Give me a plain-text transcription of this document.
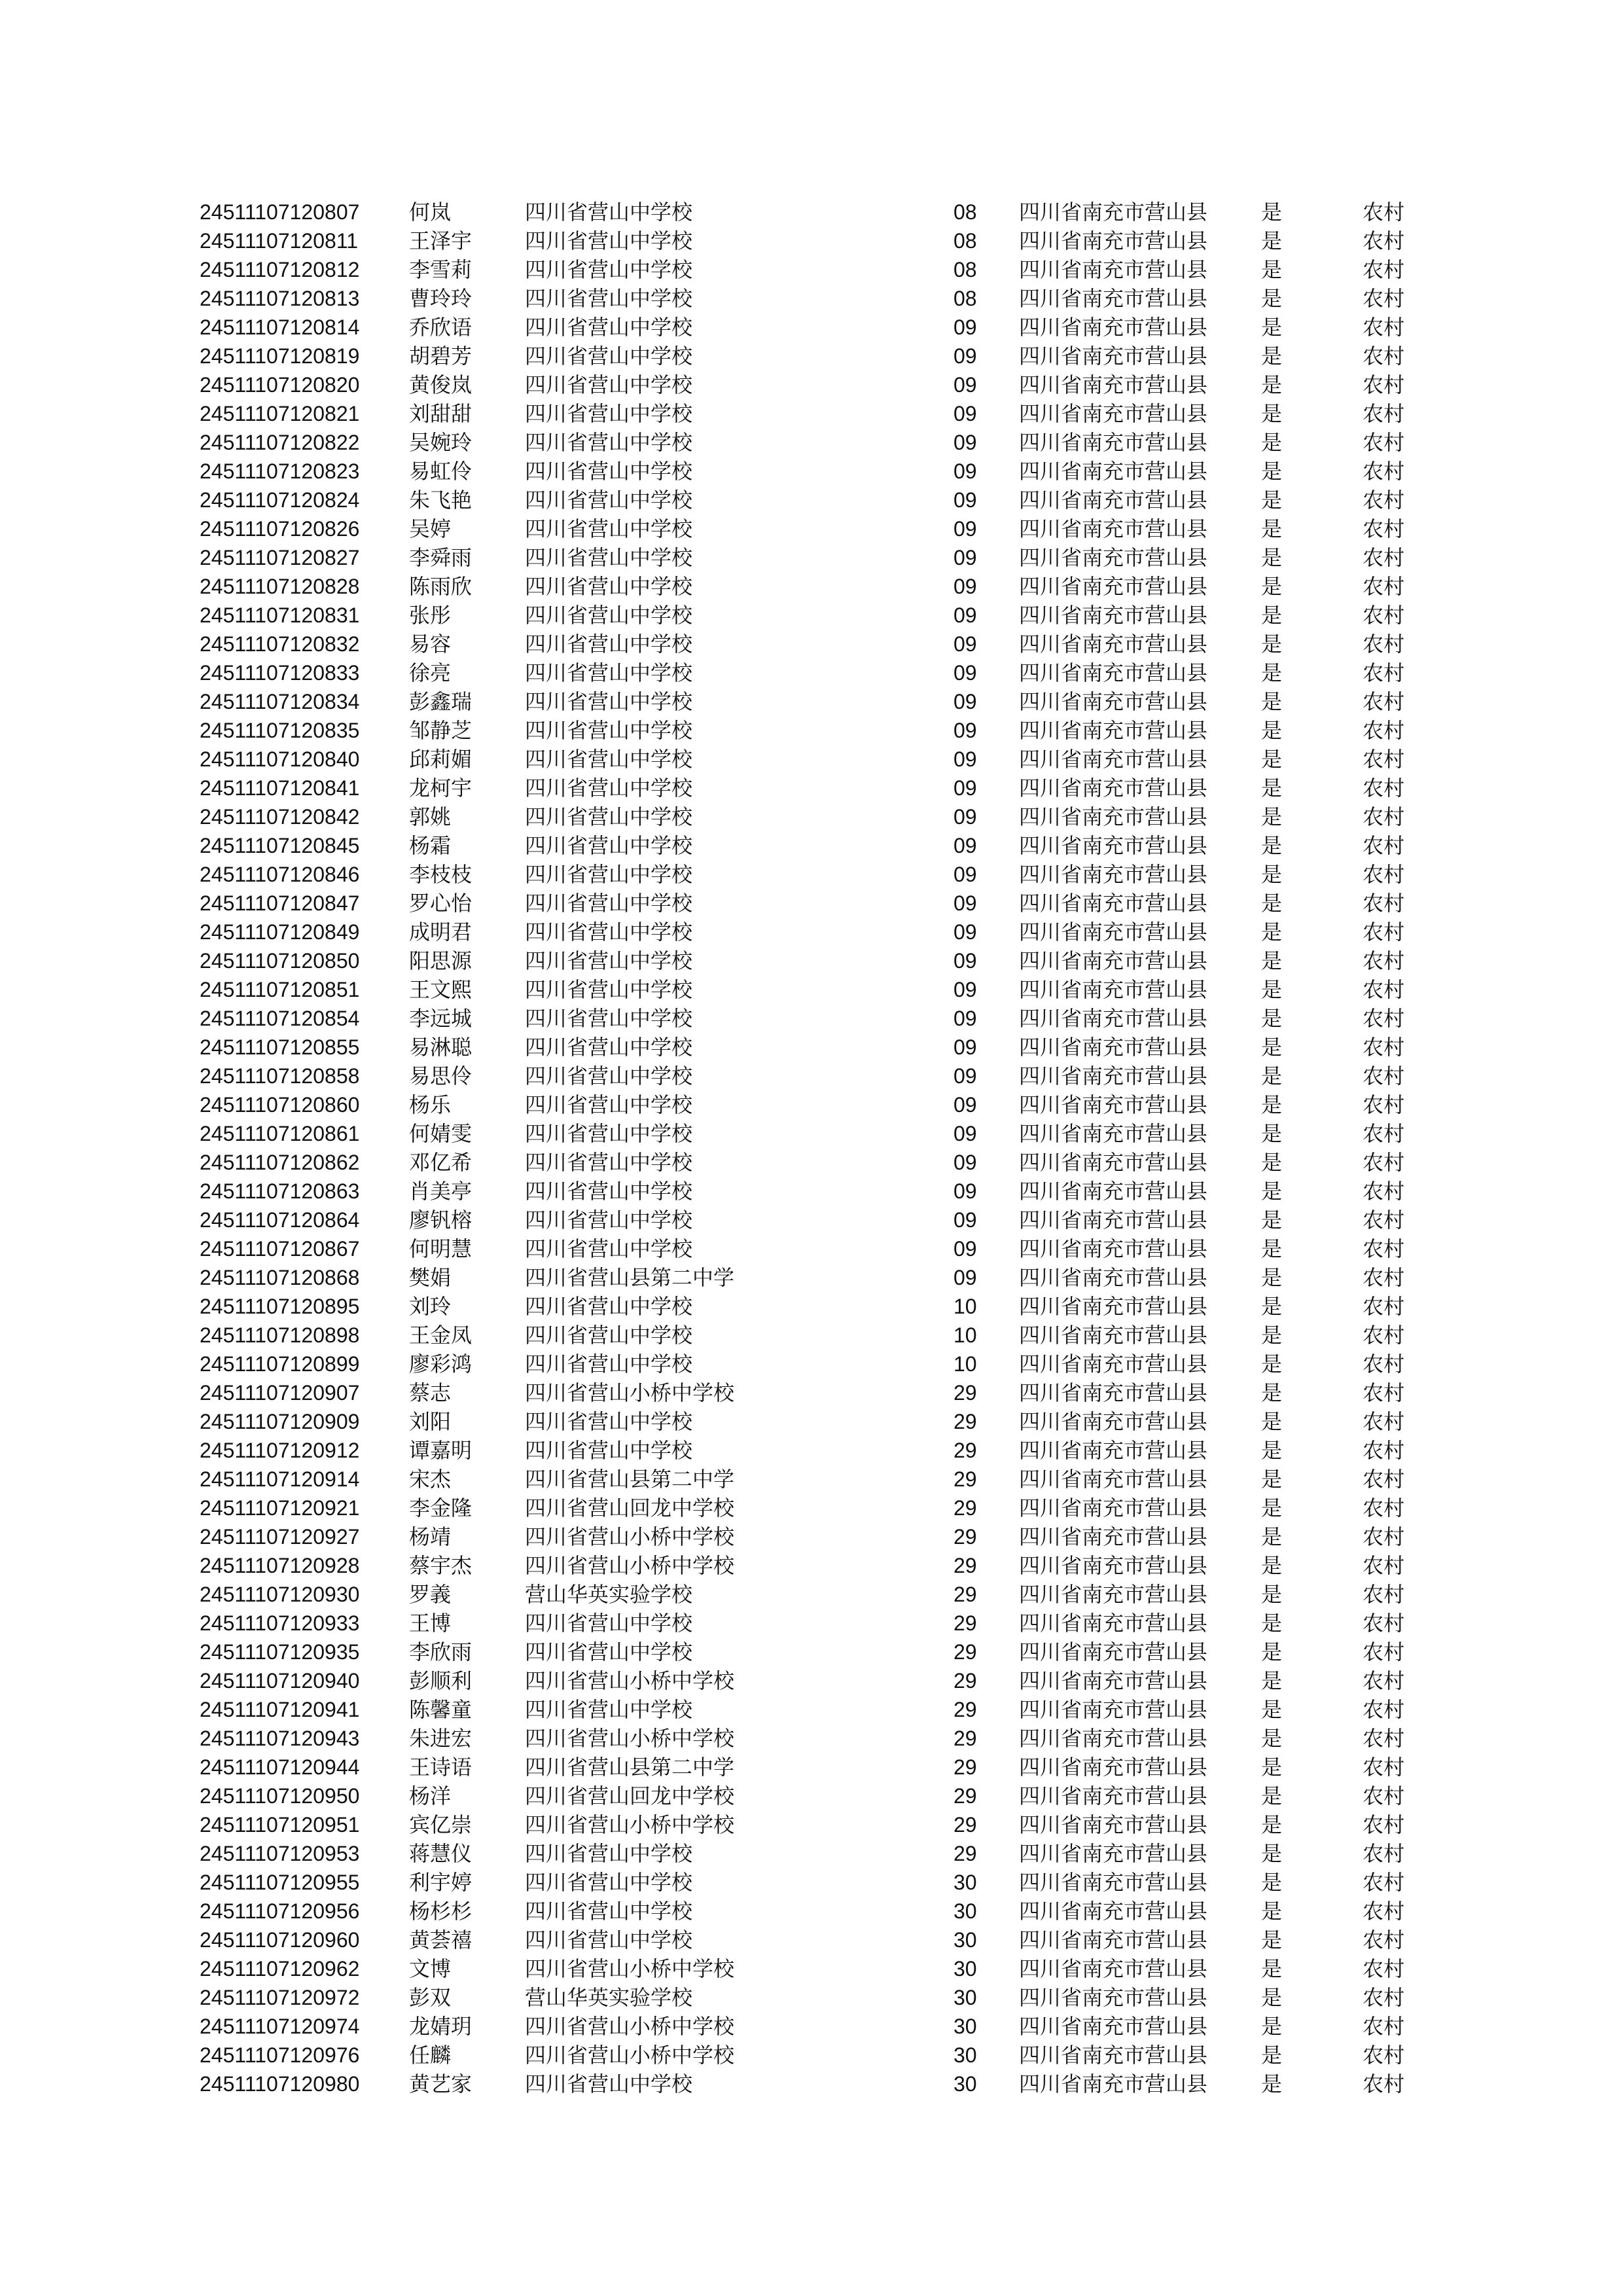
24511107120807	何岚	四川省营山中学校	08	四川省南充市营山县	是	农村
24511107120811	王泽宇	四川省营山中学校	08	四川省南充市营山县	是	农村
24511107120812	李雪莉	四川省营山中学校	08	四川省南充市营山县	是	农村
24511107120813	曹玲玲	四川省营山中学校	08	四川省南充市营山县	是	农村
24511107120814	乔欣语	四川省营山中学校	09	四川省南充市营山县	是	农村
24511107120819	胡碧芳	四川省营山中学校	09	四川省南充市营山县	是	农村
24511107120820	黄俊岚	四川省营山中学校	09	四川省南充市营山县	是	农村
24511107120821	刘甜甜	四川省营山中学校	09	四川省南充市营山县	是	农村
24511107120822	吴婉玲	四川省营山中学校	09	四川省南充市营山县	是	农村
24511107120823	易虹伶	四川省营山中学校	09	四川省南充市营山县	是	农村
24511107120824	朱飞艳	四川省营山中学校	09	四川省南充市营山县	是	农村
24511107120826	吴婷	四川省营山中学校	09	四川省南充市营山县	是	农村
24511107120827	李舜雨	四川省营山中学校	09	四川省南充市营山县	是	农村
24511107120828	陈雨欣	四川省营山中学校	09	四川省南充市营山县	是	农村
24511107120831	张彤	四川省营山中学校	09	四川省南充市营山县	是	农村
24511107120832	易容	四川省营山中学校	09	四川省南充市营山县	是	农村
24511107120833	徐亮	四川省营山中学校	09	四川省南充市营山县	是	农村
24511107120834	彭鑫瑞	四川省营山中学校	09	四川省南充市营山县	是	农村
24511107120835	邹静芝	四川省营山中学校	09	四川省南充市营山县	是	农村
24511107120840	邱莉媚	四川省营山中学校	09	四川省南充市营山县	是	农村
24511107120841	龙柯宇	四川省营山中学校	09	四川省南充市营山县	是	农村
24511107120842	郭姚	四川省营山中学校	09	四川省南充市营山县	是	农村
24511107120845	杨霜	四川省营山中学校	09	四川省南充市营山县	是	农村
24511107120846	李枝枝	四川省营山中学校	09	四川省南充市营山县	是	农村
24511107120847	罗心怡	四川省营山中学校	09	四川省南充市营山县	是	农村
24511107120849	成明君	四川省营山中学校	09	四川省南充市营山县	是	农村
24511107120850	阳思源	四川省营山中学校	09	四川省南充市营山县	是	农村
24511107120851	王文熙	四川省营山中学校	09	四川省南充市营山县	是	农村
24511107120854	李远城	四川省营山中学校	09	四川省南充市营山县	是	农村
24511107120855	易淋聪	四川省营山中学校	09	四川省南充市营山县	是	农村
24511107120858	易思伶	四川省营山中学校	09	四川省南充市营山县	是	农村
24511107120860	杨乐	四川省营山中学校	09	四川省南充市营山县	是	农村
24511107120861	何婧雯	四川省营山中学校	09	四川省南充市营山县	是	农村
24511107120862	邓亿希	四川省营山中学校	09	四川省南充市营山县	是	农村
24511107120863	肖美亭	四川省营山中学校	09	四川省南充市营山县	是	农村
24511107120864	廖钒榕	四川省营山中学校	09	四川省南充市营山县	是	农村
24511107120867	何明慧	四川省营山中学校	09	四川省南充市营山县	是	农村
24511107120868	樊娟	四川省营山县第二中学	09	四川省南充市营山县	是	农村
24511107120895	刘玲	四川省营山中学校	10	四川省南充市营山县	是	农村
24511107120898	王金凤	四川省营山中学校	10	四川省南充市营山县	是	农村
24511107120899	廖彩鸿	四川省营山中学校	10	四川省南充市营山县	是	农村
24511107120907	蔡志	四川省营山小桥中学校	29	四川省南充市营山县	是	农村
24511107120909	刘阳	四川省营山中学校	29	四川省南充市营山县	是	农村
24511107120912	谭嘉明	四川省营山中学校	29	四川省南充市营山县	是	农村
24511107120914	宋杰	四川省营山县第二中学	29	四川省南充市营山县	是	农村
24511107120921	李金隆	四川省营山回龙中学校	29	四川省南充市营山县	是	农村
24511107120927	杨靖	四川省营山小桥中学校	29	四川省南充市营山县	是	农村
24511107120928	蔡宇杰	四川省营山小桥中学校	29	四川省南充市营山县	是	农村
24511107120930	罗義	营山华英实验学校	29	四川省南充市营山县	是	农村
24511107120933	王博	四川省营山中学校	29	四川省南充市营山县	是	农村
24511107120935	李欣雨	四川省营山中学校	29	四川省南充市营山县	是	农村
24511107120940	彭顺利	四川省营山小桥中学校	29	四川省南充市营山县	是	农村
24511107120941	陈馨童	四川省营山中学校	29	四川省南充市营山县	是	农村
24511107120943	朱进宏	四川省营山小桥中学校	29	四川省南充市营山县	是	农村
24511107120944	王诗语	四川省营山县第二中学	29	四川省南充市营山县	是	农村
24511107120950	杨洋	四川省营山回龙中学校	29	四川省南充市营山县	是	农村
24511107120951	宾亿崇	四川省营山小桥中学校	29	四川省南充市营山县	是	农村
24511107120953	蒋慧仪	四川省营山中学校	29	四川省南充市营山县	是	农村
24511107120955	利宇婷	四川省营山中学校	30	四川省南充市营山县	是	农村
24511107120956	杨杉杉	四川省营山中学校	30	四川省南充市营山县	是	农村
24511107120960	黄荟禧	四川省营山中学校	30	四川省南充市营山县	是	农村
24511107120962	文博	四川省营山小桥中学校	30	四川省南充市营山县	是	农村
24511107120972	彭双	营山华英实验学校	30	四川省南充市营山县	是	农村
24511107120974	龙婧玥	四川省营山小桥中学校	30	四川省南充市营山县	是	农村
24511107120976	任麟	四川省营山小桥中学校	30	四川省南充市营山县	是	农村
24511107120980	黄艺家	四川省营山中学校	30	四川省南充市营山县	是	农村
